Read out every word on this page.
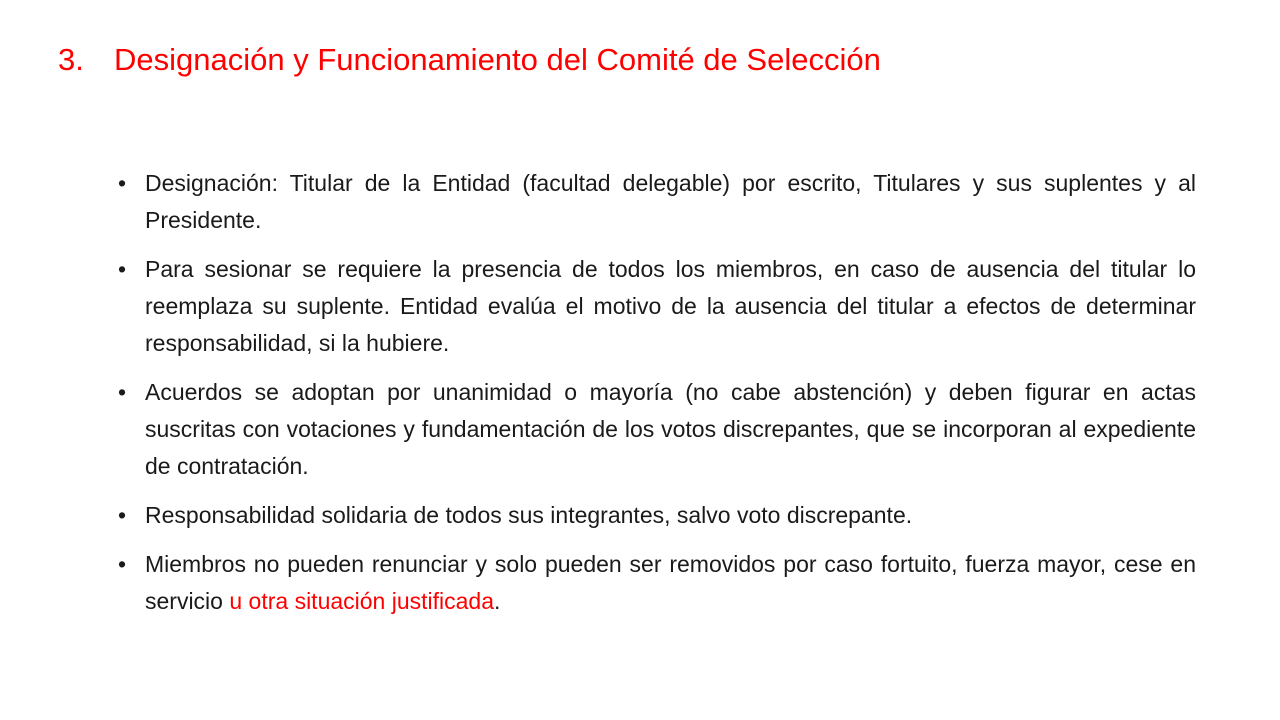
3. Designación y Funcionamiento del Comité de Selección
• Designación: Titular de la Entidad (facultad delegable) por escrito, Titulares y sus suplentes y al Presidente.
• Para sesionar se requiere la presencia de todos los miembros, en caso de ausencia del titular lo reemplaza su suplente. Entidad evalúa el motivo de la ausencia del titular a efectos de determinar responsabilidad, si la hubiere.
• Acuerdos se adoptan por unanimidad o mayoría (no cabe abstención) y deben figurar en actas suscritas con votaciones y fundamentación de los votos discrepantes, que se incorporan al expediente de contratación.
• Responsabilidad solidaria de todos sus integrantes, salvo voto discrepante.
• Miembros no pueden renunciar y solo pueden ser removidos por caso fortuito, fuerza mayor, cese en servicio u otra situación justificada.
